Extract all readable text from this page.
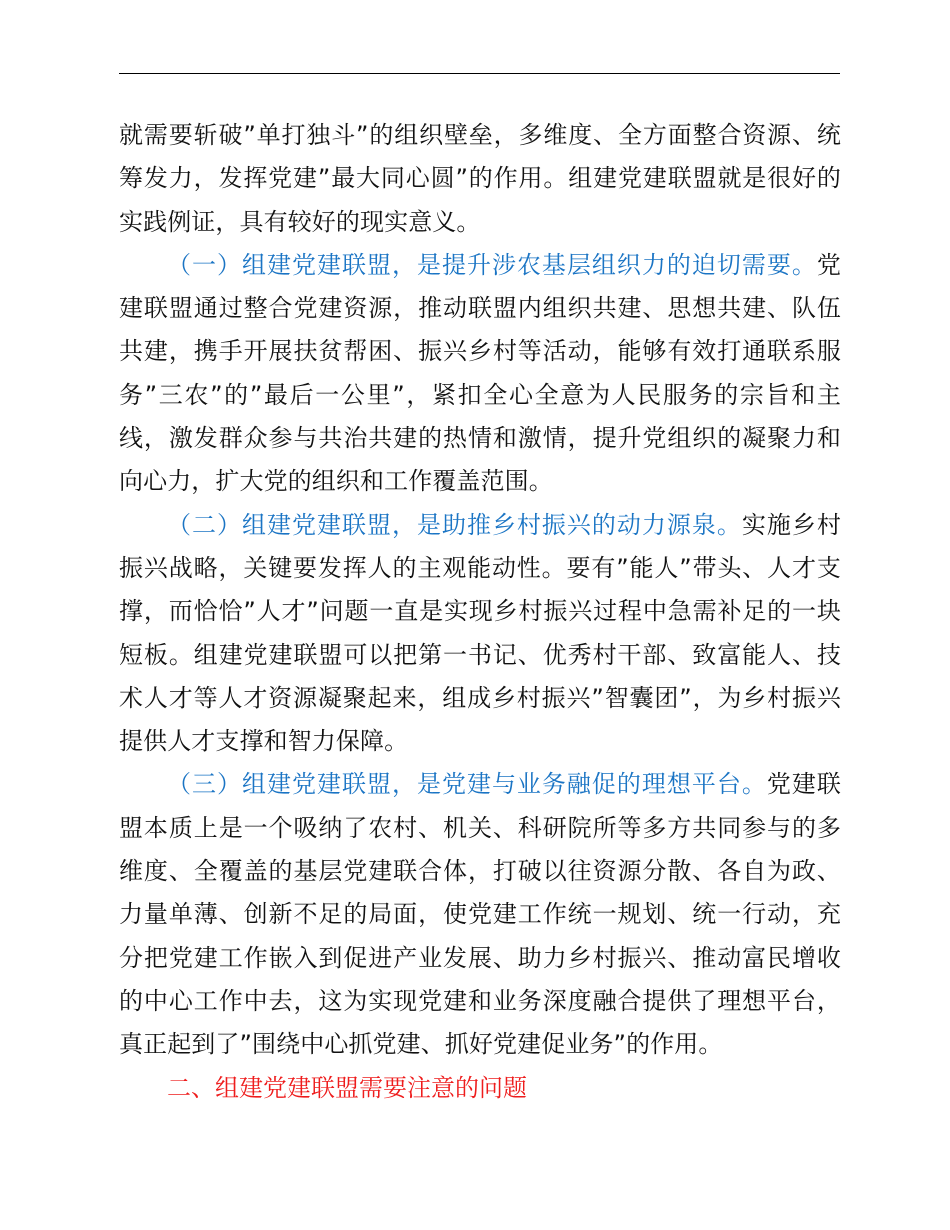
就需要斩破”单打独斗”的组织壁垒，多维度、全方面整合资源、统筹发力，发挥党建”最大同心圆”的作用。组建党建联盟就是很好的实践例证，具有较好的现实意义。

（一）组建党建联盟，是提升涉农基层组织力的迫切需要。党建联盟通过整合党建资源，推动联盟内组织共建、思想共建、队伍共建，携手开展扶贫帮困、振兴乡村等活动，能够有效打通联系服务”三农”的”最后一公里”，紧扣全心全意为人民服务的宗旨和主线，激发群众参与共治共建的热情和激情，提升党组织的凝聚力和向心力，扩大党的组织和工作覆盖范围。

（二）组建党建联盟，是助推乡村振兴的动力源泉。实施乡村振兴战略，关键要发挥人的主观能动性。要有”能人”带头、人才支撑，而恰恰”人才”问题一直是实现乡村振兴过程中急需补足的一块短板。组建党建联盟可以把第一书记、优秀村干部、致富能人、技术人才等人才资源凝聚起来，组成乡村振兴”智囊团”，为乡村振兴提供人才支撑和智力保障。

（三）组建党建联盟，是党建与业务融促的理想平台。党建联盟本质上是一个吸纳了农村、机关、科研院所等多方共同参与的多维度、全覆盖的基层党建联合体，打破以往资源分散、各自为政、力量单薄、创新不足的局面，使党建工作统一规划、统一行动，充分把党建工作嵌入到促进产业发展、助力乡村振兴、推动富民增收的中心工作中去，这为实现党建和业务深度融合提供了理想平台，真正起到了”围绕中心抓党建、抓好党建促业务”的作用。

二、组建党建联盟需要注意的问题
